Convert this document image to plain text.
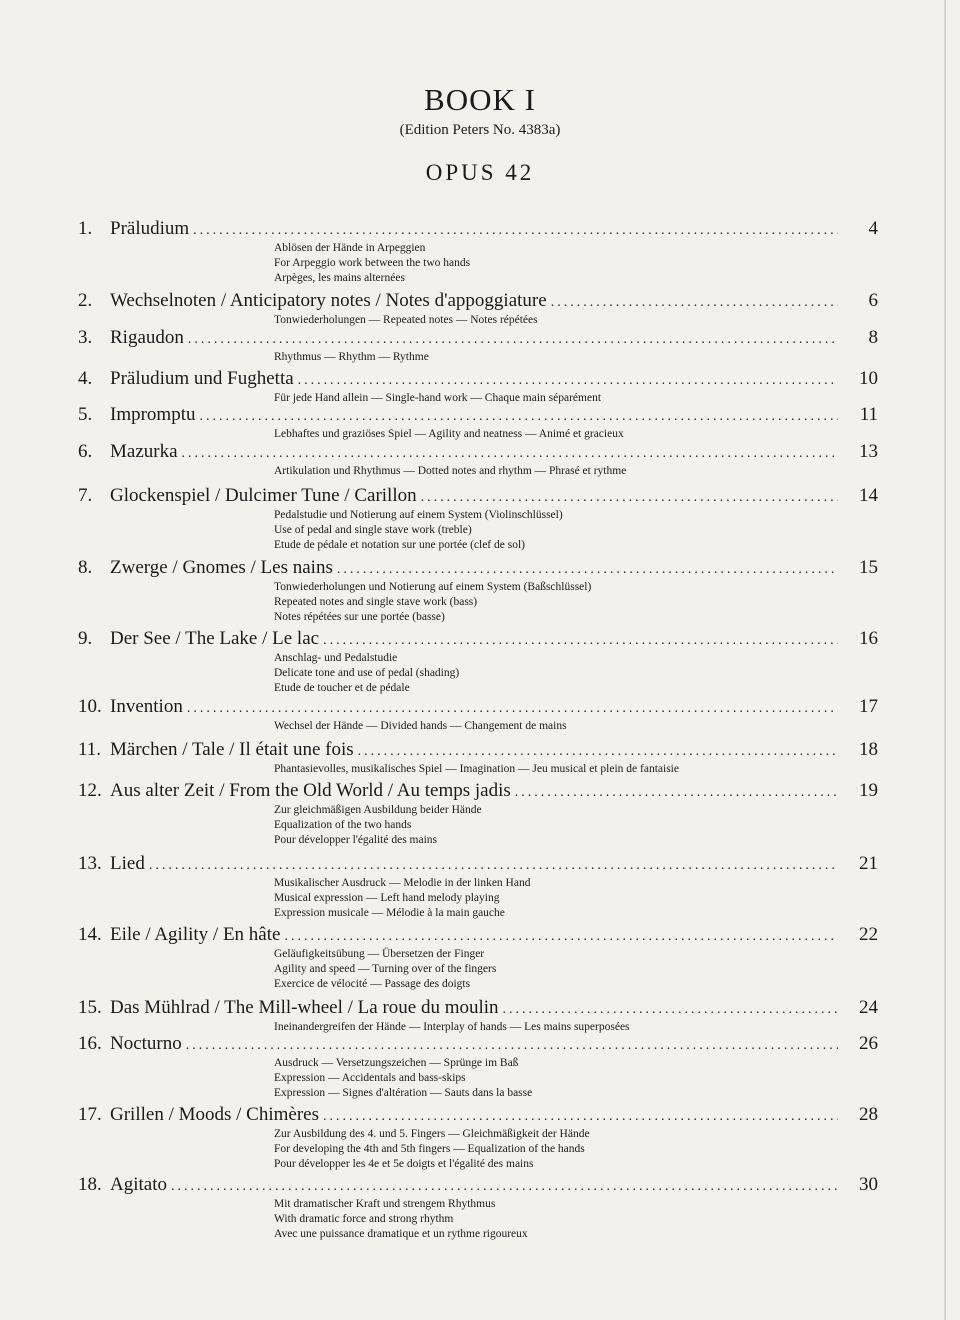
BOOK I
(Edition Peters No. 4383a)
OPUS 42
1. Präludium .....	4
Ablösen der Hände in Arpeggien
For Arpeggio work between the two hands
Arpèges, les mains alternées
2. Wechselnoten / Anticipatory notes / Notes d'appoggiature .....	6
Tonwiederholungen — Repeated notes — Notes répétées
3. Rigaudon .....	8
Rhythmus — Rhythm — Rythme
4. Präludium und Fughetta .....	10
Für jede Hand allein — Single-hand work — Chaque main séparément
5. Impromptu .....	11
Lebhaftes und graziöses Spiel — Agility and neatness — Animé et gracieux
6. Mazurka .....	13
Artikulation und Rhythmus — Dotted notes and rhythm — Phrasé et rythme
7. Glockenspiel / Dulcimer Tune / Carillon .....	14
Pedalstudie und Notierung auf einem System (Violinschlüssel)
Use of pedal and single stave work (treble)
Etude de pédale et notation sur une portée (clef de sol)
8. Zwerge / Gnomes / Les nains .....	15
Tonwiederholungen und Notierung auf einem System (Baßschlüssel)
Repeated notes and single stave work (bass)
Notes répétées sur une portée (basse)
9. Der See / The Lake / Le lac .....	16
Anschlag- und Pedalstudie
Delicate tone and use of pedal (shading)
Etude de toucher et de pédale
10. Invention .....	17
Wechsel der Hände — Divided hands — Changement de mains
11. Märchen / Tale / Il était une fois .....	18
Phantasievolles, musikalisches Spiel — Imagination — Jeu musical et plein de fantaisie
12. Aus alter Zeit / From the Old World / Au temps jadis .....	19
Zur gleichmäßigen Ausbildung beider Hände
Equalization of the two hands
Pour développer l'égalité des mains
13. Lied .....	21
Musikalischer Ausdruck — Melodie in der linken Hand
Musical expression — Left hand melody playing
Expression musicale — Mélodie à la main gauche
14. Eile / Agility / En hâte .....	22
Geläufigkeitsübung — Übersetzen der Finger
Agility and speed — Turning over of the fingers
Exercice de vélocité — Passage des doigts
15. Das Mühlrad / The Mill-wheel / La roue du moulin .....	24
Ineinandergreifen der Hände — Interplay of hands — Les mains superposées
16. Nocturno .....	26
Ausdruck — Versetzungszeichen — Sprünge im Baß
Expression — Accidentals and bass-skips
Expression — Signes d'altération — Sauts dans la basse
17. Grillen / Moods / Chimères .....	28
Zur Ausbildung des 4. und 5. Fingers — Gleichmäßigkeit der Hände
For developing the 4th and 5th fingers — Equalization of the hands
Pour développer les 4e et 5e doigts et l'égalité des mains
18. Agitato .....	30
Mit dramatischer Kraft und strengem Rhythmus
With dramatic force and strong rhythm
Avec une puissance dramatique et un rythme rigoureux
